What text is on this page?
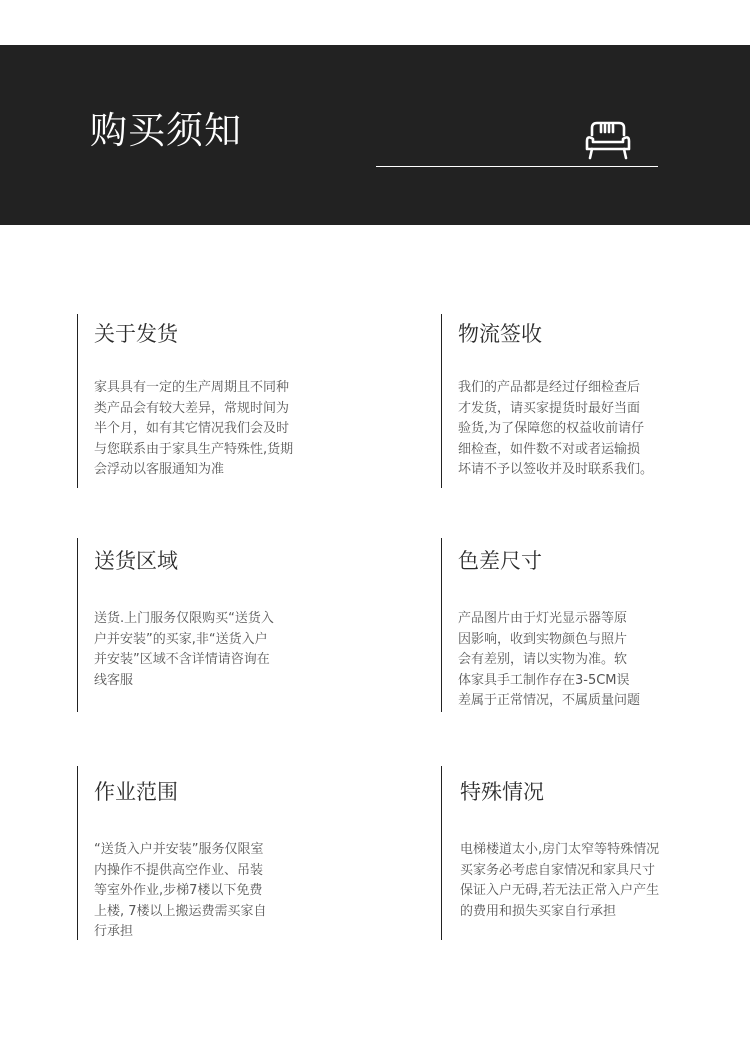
购买须知
关于发货
家具具有一定的生产周期且不同种
类产品会有较大差异，常规时间为
半个月，如有其它情况我们会及时
与您联系由于家具生产特殊性,货期
会浮动以客服通知为准
物流签收
我们的产品都是经过仔细检查后
才发货，请买家提货时最好当面
验货,为了保障您的权益收前请仔
细检查，如件数不对或者运输损
坏请不予以签收并及时联系我们。
送货区域
送货.上门服务仅限购买“送货入
户并安装”的买家,非“送货入户
并安装”区域不含详情请咨询在
线客服
色差尺寸
产品图片由于灯光显示器等原
因影响，收到实物颜色与照片
会有差别，请以实物为准。软
体家具手工制作存在3-5CM误
差属于正常情况，不属质量问题
作业范围
“送货入户并安装”服务仅限室
内操作不提供高空作业、吊装
等室外作业,步梯7楼以下免费
上楼, 7楼以上搬运费需买家自
行承担
特殊情况
电梯楼道太小,房门太窄等特殊情况
买家务必考虑自家情况和家具尺寸
保证入户无碍,若无法正常入户产生
的费用和损失买家自行承担
